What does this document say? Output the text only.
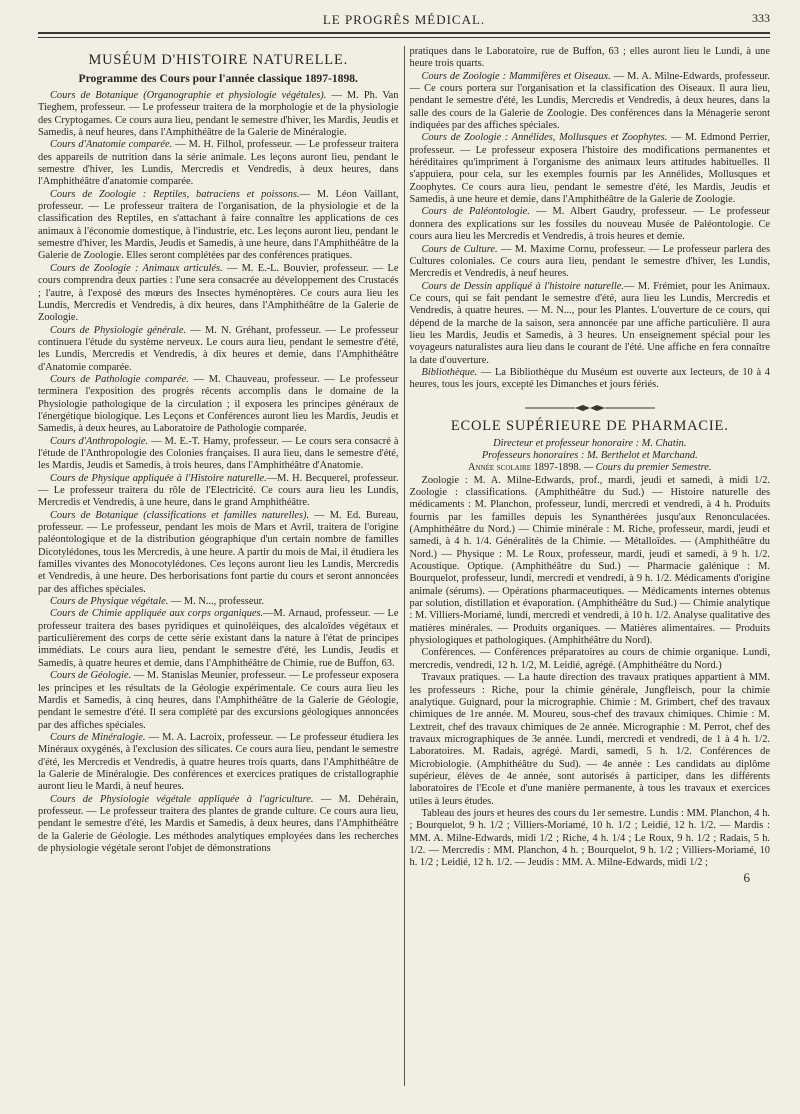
LE PROGRÈS MÉDICAL.	333
MUSÉUM D'HISTOIRE NATURELLE.
Programme des Cours pour l'année classique 1897-1898.

Cours de Botanique (Organographie et physiologie végétales). — M. Ph. Van Tieghem, professeur. — Le professeur traitera de la morphologie et de la physiologie des Cryptogames. Ce cours aura lieu, pendant le semestre d'hiver, les Mardis, Jeudis et Samedis, à neuf heures, dans l'Amphithéâtre de la Galerie de Minéralogie.

Cours d'Anatomie comparée. — M. H. Filhol, professeur. — Le professeur traitera des appareils de nutrition dans la série animale. Les leçons auront lieu, pendant le semestre d'hiver, les Lundis, Mercredis et Vendredis, à deux heures, dans l'Amphithéâtre d'anatomie comparée.

Cours de Zoologie : Reptiles, batraciens et poissons.— M. Léon Vaillant, professeur. — Le professeur traitera de l'organisation, de la physiologie et de la classification des Reptiles, en s'attachant à faire connaître les applications de ces animaux à l'économie domestique, à l'industrie, etc. Les leçons auront lieu, pendant le semestre d'hiver, les Mardis, Jeudis et Samedis, à une heure, dans l'Amphithéâtre de la Galerie de Zoologie. Elles seront complétées par des conférences pratiques.

Cours de Zoologie : Animaux articulés. — M. E.-L. Bouvier, professeur. — Le cours comprendra deux parties : l'une sera consacrée au développement des Crustacés ; l'autre, à l'exposé des mœurs des Insectes hyménoptères. Ce cours aura lieu les Lundis, Mercredis et Vendredis, à dix heures, dans l'Amphithéâtre de la Galerie de Zoologie.

Cours de Physiologie générale. — M. N. Gréhant, professeur. — Le professeur continuera l'étude du système nerveux. Le cours aura lieu, pendant le semestre d'été, les Lundis, Mercredis et Vendredis, à dix heures et demie, dans l'Amphithéâtre d'Anatomie comparée.

Cours de Pathologie comparée. — M. Chauveau, professeur. — Le professeur terminera l'exposition des progrès récents accomplis dans le domaine de la Physiologie pathologique de la circulation ; il exposera les principes généraux de l'énergétique biologique. Les Leçons et Conférences auront lieu les Mardis, Jeudis et Samedis, à deux heures, au Laboratoire de Pathologie comparée.

Cours d'Anthropologie. — M. E.-T. Hamy, professeur. — Le cours sera consacré à l'étude de l'Anthropologie des Colonies françaises. Il aura lieu, dans le semestre d'été, les Mardis, Jeudis et Samedis, à trois heures, dans l'Amphithéâtre d'Anatomie.

Cours de Physique appliquée à l'Histoire naturelle.—M. H. Becquerel, professeur. — Le professeur traitera du rôle de l'Electricité. Ce cours aura lieu les Lundis, Mercredis et Vendredis, à une heure, dans le grand Amphithéâtre.

Cours de Botanique (classifications et familles naturelles). — M. Ed. Bureau, professeur. — Le professeur, pendant les mois de Mars et Avril, traitera de l'origine paléontologique et de la distribution géographique d'un certain nombre de familles Dicotylédones, tous les Mercredis, à une heure. A partir du mois de Mai, il étudiera les familles vivantes des Monocotylédones. Ces leçons auront lieu les Lundis, Mercredis et Vendredis, à une heure. Des herborisations font partie du cours et seront annoncées par des affiches spéciales.

Cours de Physique végétale. — M. N..., professeur.

Cours de Chimie appliquée aux corps organiques.—M. Arnaud, professeur. — Le professeur traitera des bases pyridiques et quinoléiques, des alcaloïdes végétaux et particulièrement des corps de cette série existant dans la nature à l'état de principes immédiats. Le cours aura lieu, pendant le semestre d'été, les Lundis, Jeudis et Samedis, à quatre heures et demie, dans l'Amphithéâtre de Chimie, rue de Buffon, 63.

Cours de Géologie. — M. Stanislas Meunier, professeur. — Le professeur exposera les principes et les résultats de la Géologie expérimentale. Ce cours aura lieu les Mardis et Samedis, à cinq heures, dans l'Amphithéâtre de la Galerie de Géologie, pendant le semestre d'été. Il sera complété par des excursions géologiques annoncées par des affiches spéciales.

Cours de Minéralogie. — M. A. Lacroix, professeur. — Le professeur étudiera les Minéraux oxygénés, à l'exclusion des silicates. Ce cours aura lieu, pendant le semestre d'été, les Mercredis et Vendredis, à quatre heures trois quarts, dans l'Amphithéâtre de la Galerie de Minéralogie. Des conférences et exercices pratiques de cristallographie auront lieu le Mardi, à neuf heures.

Cours de Physiologie végétale appliquée à l'agriculture. — M. Dehérain, professeur. — Le professeur traitera des plantes de grande culture. Ce cours aura lieu, pendant le semestre d'été, les Mardis et Samedis, à deux heures, dans l'Amphithéâtre de la Galerie de Géologie. Les méthodes analytiques employées dans les recherches de physiologie végétale seront l'objet de démonstrations

pratiques dans le Laboratoire, rue de Buffon, 63 ; elles auront lieu le Lundi, à une heure trois quarts.

Cours de Zoologie : Mammifères et Oiseaux. — M. A. Milne-Edwards, professeur. — Ce cours portera sur l'organisation et la classification des Oiseaux. Il aura lieu, pendant le semestre d'été, les Lundis, Mercredis et Vendredis, à deux heures, dans la salle des cours de la Galerie de Zoologie. Des conférences dans la Ménagerie seront indiquées par des affiches spéciales.

Cours de Zoologie : Annélides, Mollusques et Zoophytes. — M. Edmond Perrier, professeur. — Le professeur exposera l'histoire des modifications permanentes et héréditaires qu'impriment à l'organisme des animaux leurs attitudes habituelles. Il s'appuiera, pour cela, sur les exemples fournis par les Annélides, Mollusques et Zoophytes. Ce cours aura lieu, pendant le semestre d'été, les Mardis, Jeudis et Samedis, à une heure et demie, dans l'Amphithéâtre de la Galerie de Zoologie.

Cours de Paléontologie. — M. Albert Gaudry, professeur. — Le professeur donnera des explications sur les fossiles du nouveau Musée de Paléontologie. Ce cours aura lieu les Mercredis et Vendredis, à trois heures et demie.

Cours de Culture. — M. Maxime Cornu, professeur. — Le professeur parlera des Cultures coloniales. Ce cours aura lieu, pendant le semestre d'hiver, les Lundis, Mercredis et Vendredis, à neuf heures.

Cours de Dessin appliqué à l'histoire naturelle.— M. Frémiet, pour les Animaux. Ce cours, qui se fait pendant le semestre d'été, aura lieu les Lundis, Mercredis et Vendredis, à quatre heures. — M. N..., pour les Plantes. L'ouverture de ce cours, qui dépend de la marche de la saison, sera annoncée par une affiche particulière. Il aura lieu les Mardis, Jeudis et Samedis, à 3 heures. Un enseignement spécial pour les voyageurs naturalistes aura lieu dans le courant de l'été. Une affiche en fera connaître la date d'ouverture.

Bibliothèque. — La Bibliothèque du Muséum est ouverte aux lecteurs, de 10 à 4 heures, tous les jours, excepté les Dimanches et jours fériés.

ECOLE SUPÉRIEURE DE PHARMACIE.

Directeur et professeur honoraire : M. Chatin.

Professeurs honoraires : M. Berthelot et Marchand.

Année scolaire 1897-1898. — Cours du premier Semestre.

Zoologie : M. A. Milne-Edwards, prof., mardi, jeudi et samedi, à midi 1/2. Zoologie : classifications. (Amphithéâtre du Sud.) — Histoire naturelle des médicaments : M. Planchon, professeur, lundi, mercredi et vendredi, à 4 h. Produits fournis par les familles depuis les Synanthérées jusqu'aux Renonculacées. (Amphithéâtre du Nord.) — Chimie minérale : M. Riche, professeur, mardi, jeudi et samedi, à 4 h. 1/4. Généralités de la Chimie. — Métalloïdes. — (Amphithéâtre du Nord.) — Physique : M. Le Roux, professeur, mardi, jeudi et samedi, à 9 h. 1/2. Acoustique. Optique. (Amphithéâtre du Sud.) — Pharmacie galénique : M. Bourquelot, professeur, lundi, mercredi et vendredi, à 9 h. 1/2. Médicaments d'origine animale (sérums). — Opérations pharmaceutiques. — Médicaments internes obtenus par solution, distillation et évaporation. (Amphithéâtre du Sud.) — Chimie analytique : M. Villiers-Moriamé, lundi, mercredi et vendredi, à 10 h. 1/2. Analyse qualitative des matières minérales. — Produits organiques. — Matières alimentaires. — Produits physiologiques et pathologiques. (Amphithéâtre du Nord).

Conférences. — Conférences préparatoires au cours de chimie organique. Lundi, mercredis, vendredi, 12 h. 1/2, M. Leidié, agrégé. (Amphithéâtre du Nord.)

Travaux pratiques. — La haute direction des travaux pratiques appartient à MM. les professeurs : Riche, pour la chimie générale, Jungfleisch, pour la chimie analytique. Guignard, pour la micrographie. Chimie : M. Grimbert, chef des travaux chimiques de 1re année. M. Moureu, sous-chef des travaux chimiques. Chimie : M. Lextreit, chef des travaux chimiques de 2e année. Micrographie : M. Perrot, chef des travaux micrographiques de 3e année. Lundi, mercredi et vendredi, de 1 à 4 h. 1/2. Laboratoires. M. Radais, agrégé. Mardi, samedi, 5 h. 1/2. Conférences de Microbiologie. (Amphithéâtre du Sud). — 4e année : Les candidats au diplôme supérieur, élèves de 4e année, sont autorisés à participer, dans les différents laboratoires de l'Ecole et d'une manière permanente, à tous les travaux et exercices utiles à leurs études.

Tableau des jours et heures des cours du 1er semestre. Lundis : MM. Planchon, 4 h. ; Bourquelot, 9 h. 1/2 ; Villiers-Moriamé, 10 h. 1/2 ; Leidié, 12 h. 1/2. — Mardis : MM. A. Milne-Edwards, midi 1/2 ; Riche, 4 h. 1/4 ; Le Roux, 9 h. 1/2 ; Radais, 5 h. 1/2. — Mercredis : MM. Planchon, 4 h. ; Bourquelot, 9 h. 1/2 ; Villiers-Moriamé, 10 h. 1/2 ; Leidié, 12 h. 1/2. — Jeudis : MM. A. Milne-Edwards, midi 1/2 ;

6
